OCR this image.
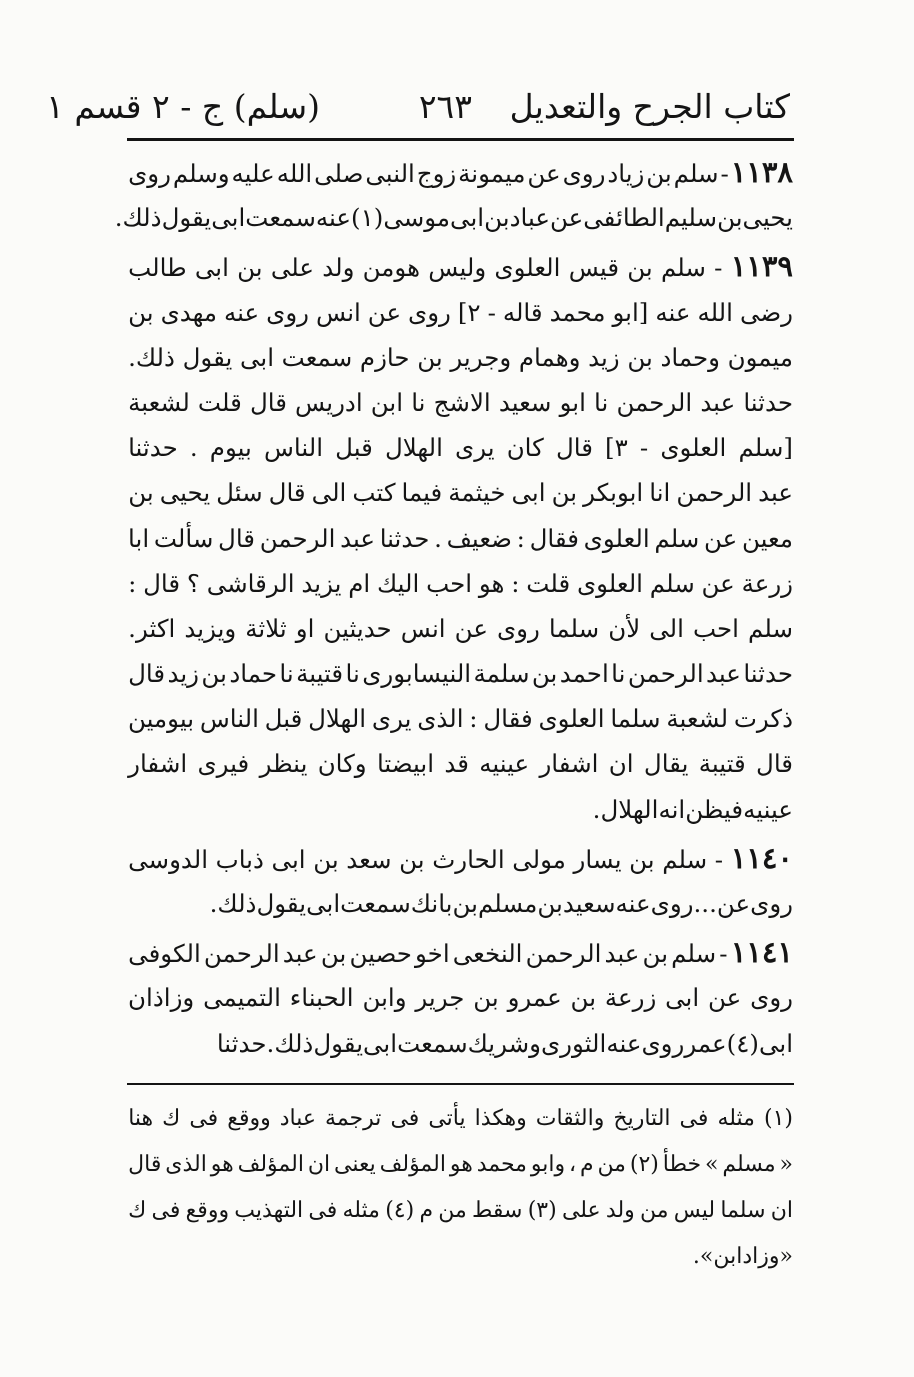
كتاب الجرح والتعديل
٢٦٣
(سلم) ج - ٢ قسم ١
١١٣٨
-
سلم
بن
زياد
روى
عن
ميمونة
زوج
النبى
صلى
الله
عليه
وسلم
روى
يحيى
بن
سليم
الطائفى
عن
عباد
بن
ابى
موسى
(١)
عنه
سمعت
ابى
يقول
ذلك
.
١١٣٩
-
سلم
بن
قيس
العلوى
وليس
هومن
ولد
على
بن
ابى
طالب
رضى
الله
عنه
[ابو
محمد
قاله
-
٢]
روى
عن
انس
روى
عنه
مهدى
بن
ميمون
وحماد
بن
زيد
وهمام
وجرير
بن
حازم
سمعت
ابى
يقول
ذلك.
حدثنا
عبد
الرحمن
نا
ابو
سعيد
الاشج
نا
ابن
ادريس
قال
قلت
لشعبة
[سلم
العلوى
-
٣]
قال
كان
يرى
الهلال
قبل
الناس
بيوم
.
حدثنا
عبد
الرحمن
انا
ابوبكر
بن
ابى
خيثمة
فيما
كتب
الى
قال
سئل
يحيى
بن
معين
عن
سلم
العلوى
فقال
:
ضعيف
.
حدثنا
عبد
الرحمن
قال
سألت
ابا
زرعة
عن
سلم
العلوى
قلت
:
هو
احب
اليك
ام
يزيد
الرقاشى
؟
قال
:
سلم
احب
الى
لأن
سلما
روى
عن
انس
حديثين
او
ثلاثة
ويزيد
اكثر.
حدثنا
عبد
الرحمن
نا
احمد
بن
سلمة
النيسابورى
نا
قتيبة
نا
حماد
بن
زيد
قال
ذكرت
لشعبة
سلما
العلوى
فقال
:
الذى
يرى
الهلال
قبل
الناس
بيومين
قال
قتيبة
يقال
ان
اشفار
عينيه
قد
ابيضتا
وكان
ينظر
فيرى
اشفار
عينيه
فيظن
انه
الهلال
.
١١٤٠
-
سلم
بن
يسار
مولى
الحارث
بن
سعد
بن
ابى
ذباب
الدوسى
روى
عن
...
روى
عنه
سعيد
بن
مسلم
بن
بانك
سمعت
ابى
يقول
ذلك.
١١٤١
-
سلم
بن
عبد
الرحمن
النخعى
اخو
حصين
بن
عبد
الرحمن
الكوفى
روى
عن
ابى
زرعة
بن
عمرو
بن
جرير
وابن
الحبناء
التميمى
وزاذان
ابى
(٤)
عمر
روى
عنه
الثورى
وشريك
سمعت
ابى
يقول
ذلك
.
حدثنا
(١)
مثله
فى
التاريخ
والثقات
وهكذا
يأتى
فى
ترجمة
عباد
ووقع
فى
ك
هنا
«
مسلم
»
خطأ
(٢)
من
م
،
وابو
محمد
هو
المؤلف
يعنى
ان
المؤلف
هو
الذى
قال
ان
سلما
ليس
من
ولد
على
(٣)
سقط
من
م
(٤)
مثله
فى
التهذيب
ووقع
فى
ك
«
وزاد
ابن
».
